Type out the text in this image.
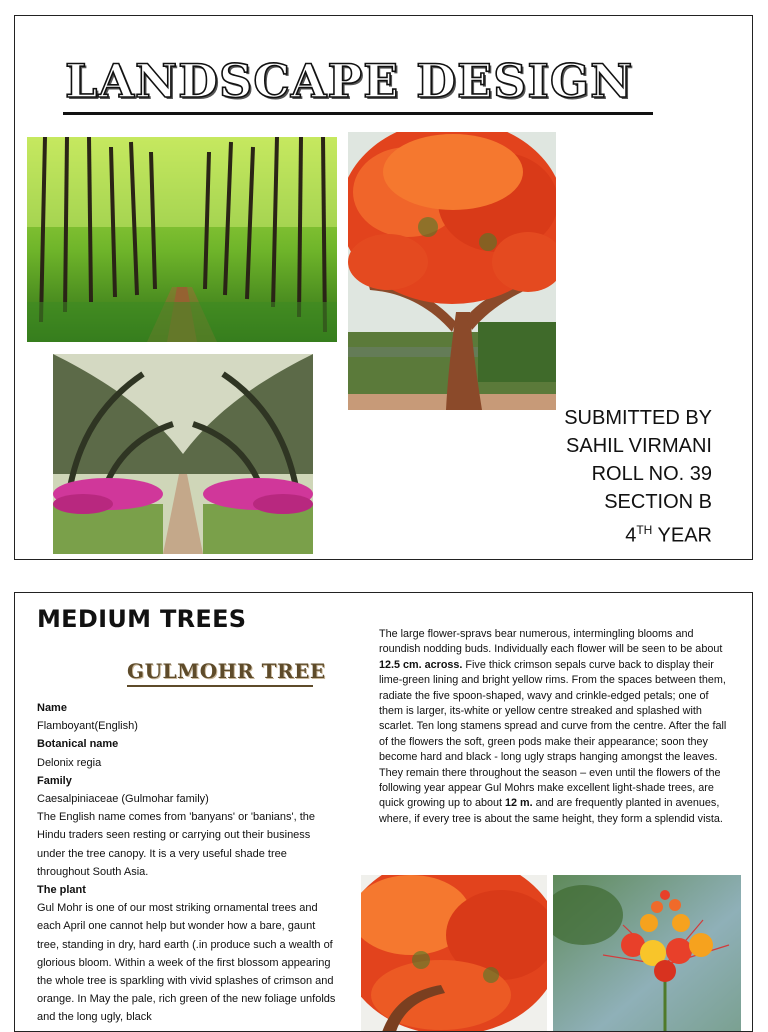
LANDSCAPE DESIGN
SUBMITTED BY
SAHIL VIRMANI
ROLL NO. 39
SECTION B
4TH YEAR
MEDIUM TREES
GULMOHR TREE

Name

Flamboyant(English)

Botanical name

Delonix regia

Family

Caesalpiniaceae (Gulmohar family)

The English name comes from 'banyans' or 'banians', the Hindu traders seen resting or carrying out their business under the tree canopy. It is a very useful shade tree throughout South Asia.

The plant

Gul Mohr is one of our most striking ornamental trees and each April one cannot help but wonder how a bare, gaunt tree, standing in dry, hard earth (.in produce such a wealth of glorious bloom. Within a week of the first blossom appearing the whole tree is sparkling with vivid splashes of crimson and orange. In May the pale, rich green of the new foliage unfolds and the long ugly, black

The large flower-spravs bear numerous, intermingling blooms and roundish nodding buds. Individually each flower will be seen to be about 12.5 cm. across. Five thick crimson sepals curve back to display their lime-green lining and bright yellow rims. From the spaces between them, radiate the five spoon-shaped, wavy and crinkle-edged petals; one of them is larger, its-white or yellow centre streaked and splashed with scarlet. Ten long stamens spread and curve from the centre. After the fall of the flowers the soft, green pods make their appearance; soon they become hard and black - long ugly straps hanging amongst the leaves. They remain there throughout the season – even until the flowers of the following year appear Gul Mohrs make excellent light-shade trees, are quick growing up to about 12 m. and are frequently planted in avenues, where, if every tree is about the same height, they form a splendid vista.
